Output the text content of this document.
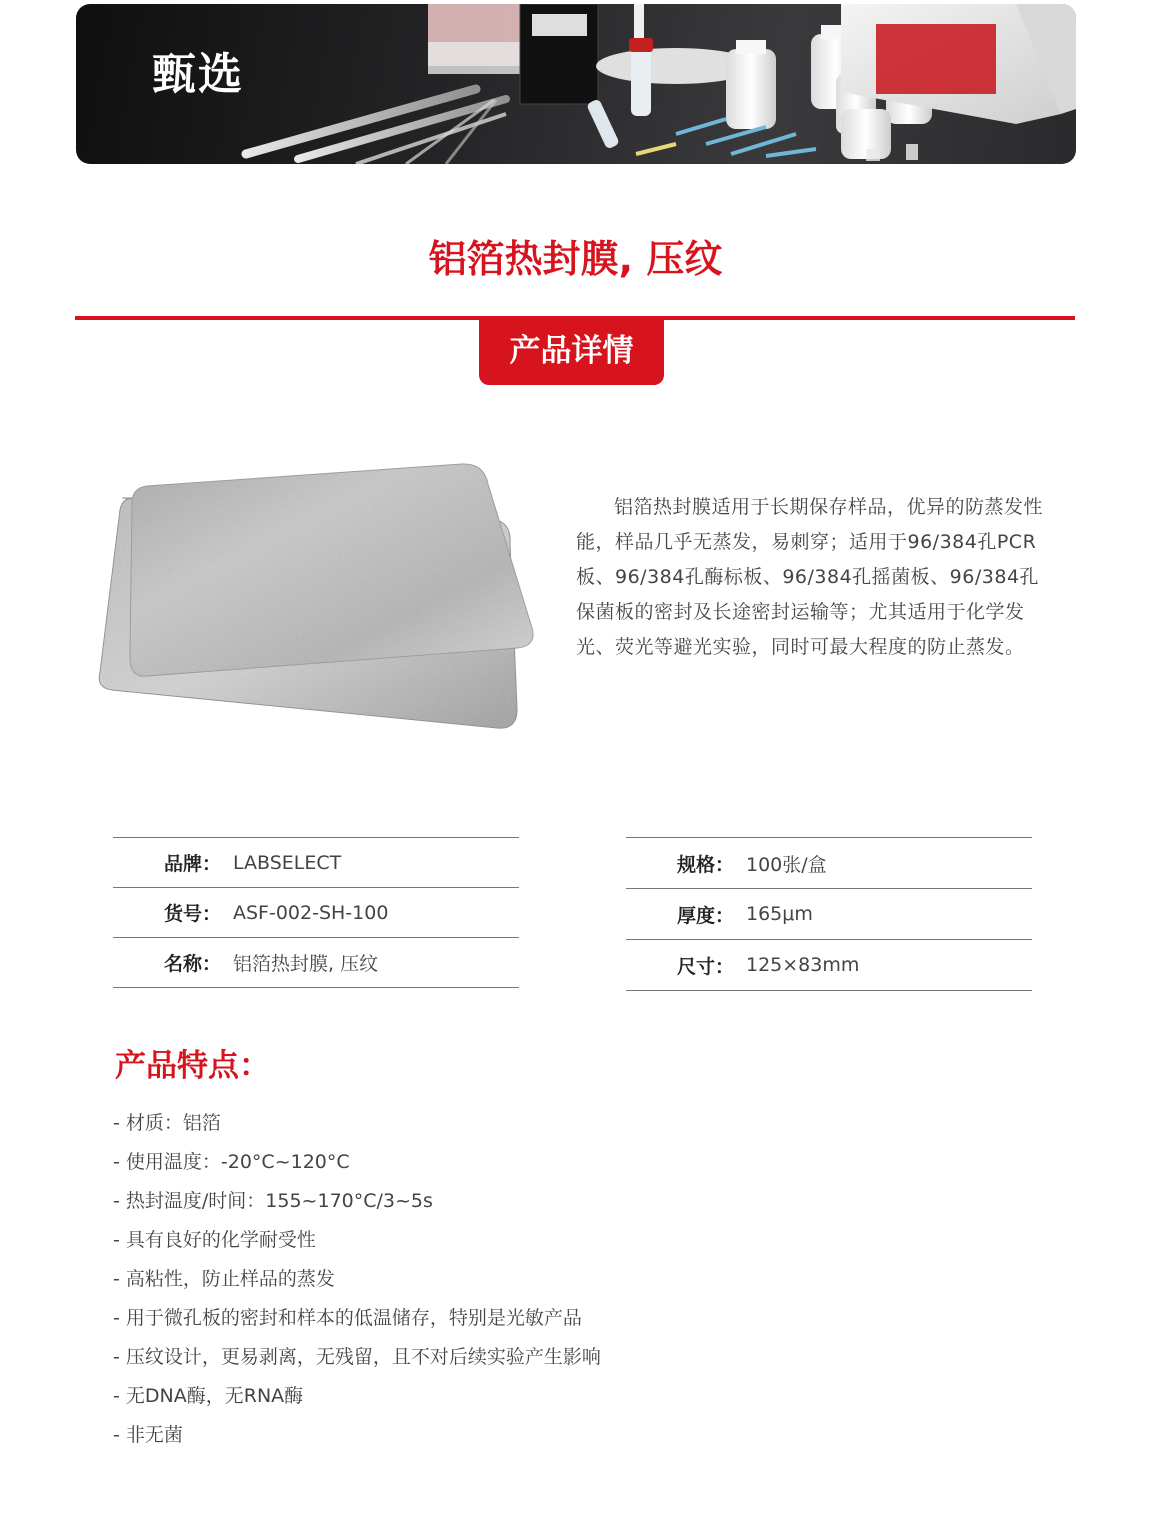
甄选
铝箔热封膜, 压纹
产品详情

铝箔热封膜适用于长期保存样品，优异的防蒸发性能，样品几乎无蒸发，易刺穿；适用于96/384孔PCR板、96/384孔酶标板、96/384孔摇菌板、96/384孔保菌板的密封及长途密封运输等；尤其适用于化学发光、荧光等避光实验，同时可最大程度的防止蒸发。

品牌： LABSELECT
货号： ASF-002-SH-100
名称： 铝箔热封膜, 压纹
规格： 100张/盒
厚度： 165μm
尺寸： 125×83mm
产品特点：
- 材质：铝箔
- 使用温度：-20°C~120°C
- 热封温度/时间：155~170°C/3~5s
- 具有良好的化学耐受性
- 高粘性，防止样品的蒸发
- 用于微孔板的密封和样本的低温储存，特别是光敏产品
- 压纹设计，更易剥离，无残留，且不对后续实验产生影响
- 无DNA酶，无RNA酶
- 非无菌
